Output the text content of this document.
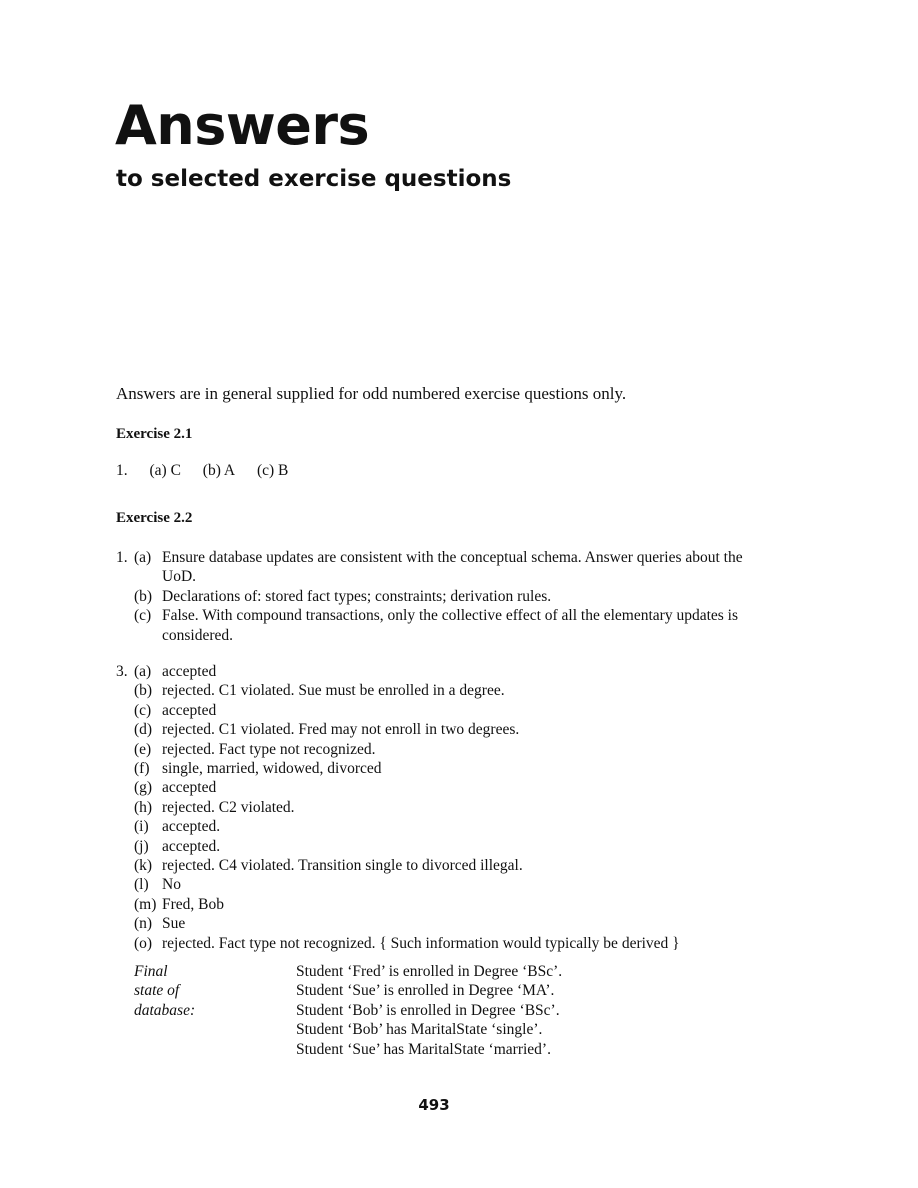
Answers
to selected exercise questions
Answers are in general supplied for odd numbered exercise questions only.
Exercise 2.1
1. (a) C (b) A (c) B
Exercise 2.2
1. (a) Ensure database updates are consistent with the conceptual schema. Answer queries about the UoD.
(b) Declarations of: stored fact types; constraints; derivation rules.
(c) False. With compound transactions, only the collective effect of all the elementary updates is considered.
3. (a) accepted
(b) rejected. C1 violated. Sue must be enrolled in a degree.
(c) accepted
(d) rejected. C1 violated. Fred may not enroll in two degrees.
(e) rejected. Fact type not recognized.
(f) single, married, widowed, divorced
(g) accepted
(h) rejected. C2 violated.
(i) accepted.
(j) accepted.
(k) rejected. C4 violated. Transition single to divorced illegal.
(l) No
(m) Fred, Bob
(n) Sue
(o) rejected. Fact type not recognized. { Such information would typically be derived }
Final state of database:
Student ‘Fred’ is enrolled in Degree ‘BSc’.
Student ‘Sue’ is enrolled in Degree ‘MA’.
Student ‘Bob’ is enrolled in Degree ‘BSc’.
Student ‘Bob’ has MaritalState ‘single’.
Student ‘Sue’ has MaritalState ‘married’.
493
